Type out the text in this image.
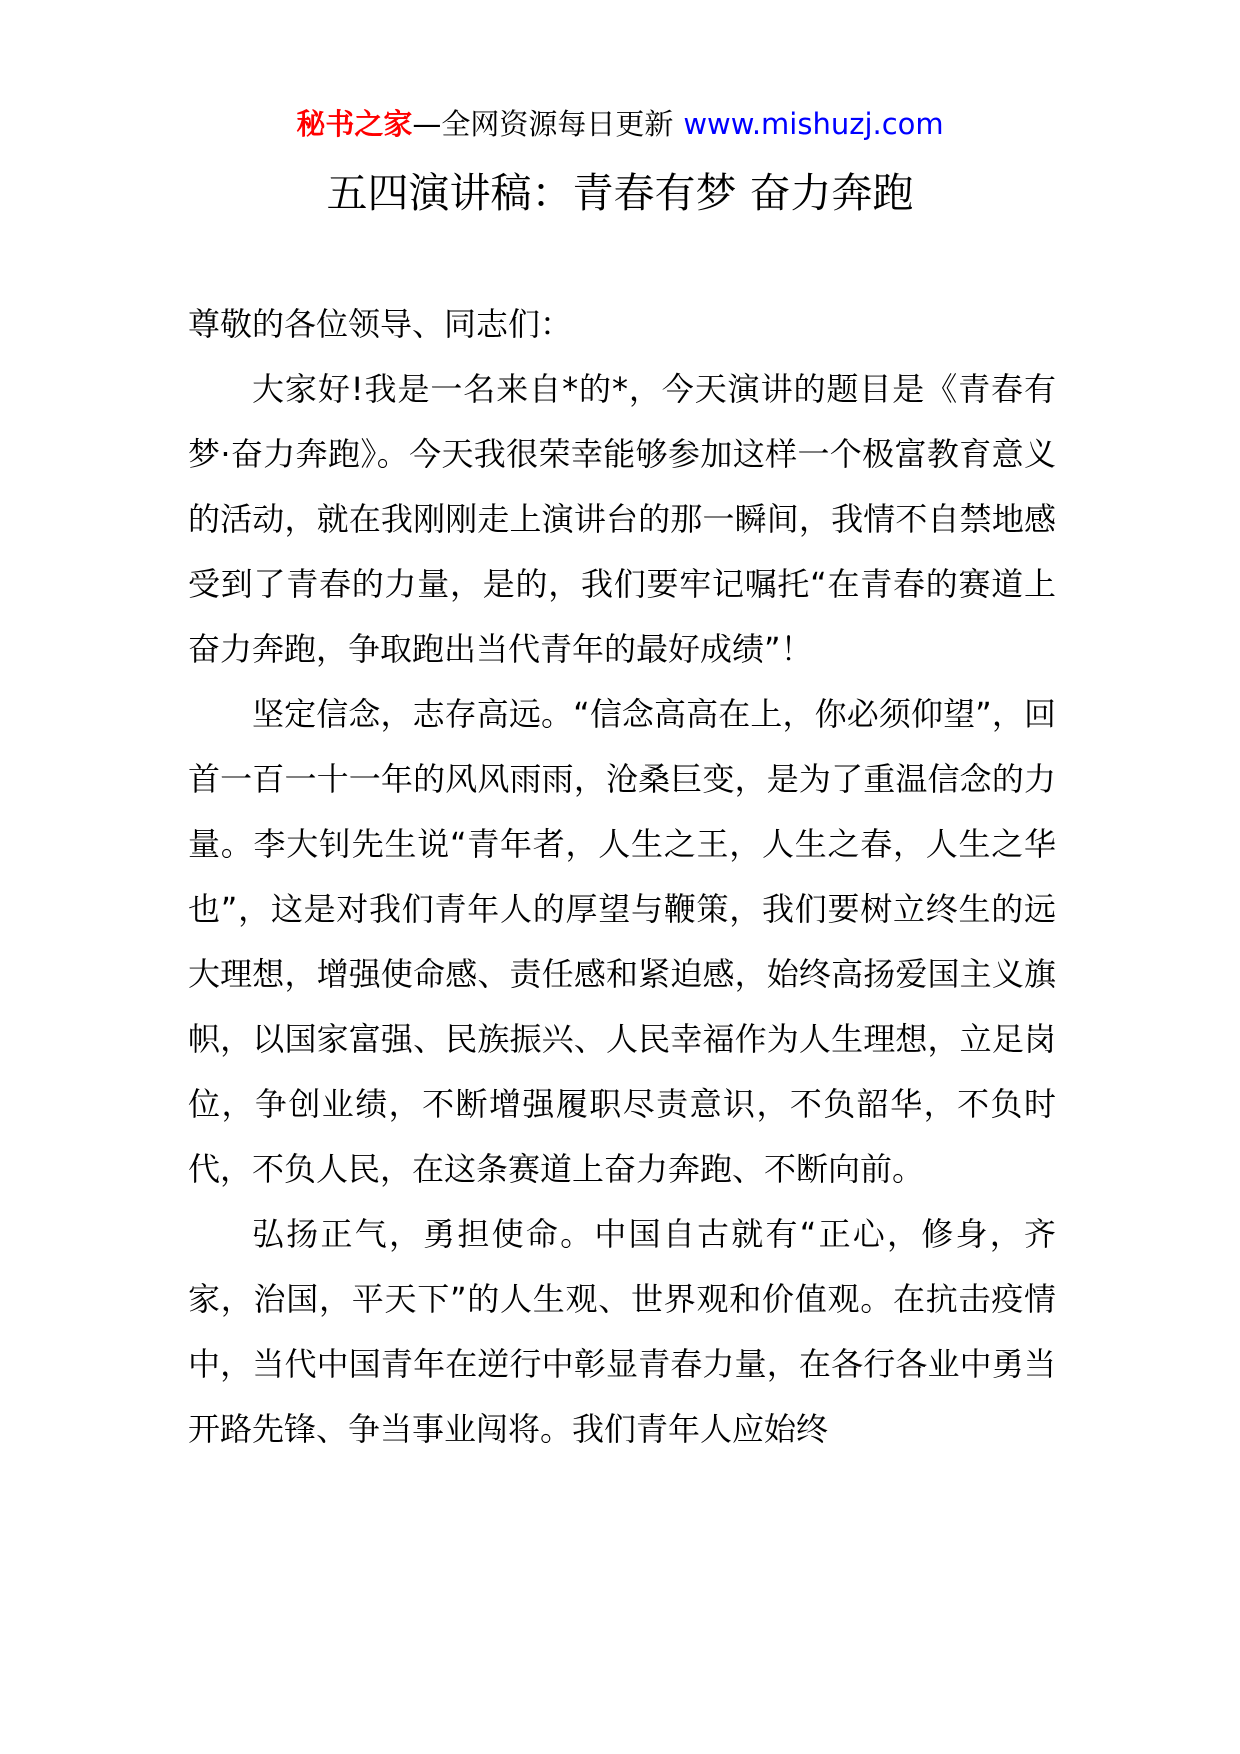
秘书之家—全网资源每日更新 www.mishuzj.com
五四演讲稿：青春有梦 奋力奔跑

尊敬的各位领导、同志们：

大家好!我是一名来自*的*，今天演讲的题目是《青春有梦·奋力奔跑》。今天我很荣幸能够参加这样一个极富教育意义的活动，就在我刚刚走上演讲台的那一瞬间，我情不自禁地感受到了青春的力量，是的，我们要牢记嘱托“在青春的赛道上奋力奔跑，争取跑出当代青年的最好成绩”！

坚定信念，志存高远。“信念高高在上，你必须仰望”，回首一百一十一年的风风雨雨，沧桑巨变，是为了重温信念的力量。李大钊先生说“青年者，人生之王，人生之春，人生之华也”，这是对我们青年人的厚望与鞭策，我们要树立终生的远大理想，增强使命感、责任感和紧迫感，始终高扬爱国主义旗帜，以国家富强、民族振兴、人民幸福作为人生理想，立足岗位，争创业绩，不断增强履职尽责意识，不负韶华，不负时代，不负人民，在这条赛道上奋力奔跑、不断向前。

弘扬正气，勇担使命。中国自古就有“正心，修身，齐家，治国，平天下”的人生观、世界观和价值观。在抗击疫情中，当代中国青年在逆行中彰显青春力量，在各行各业中勇当开路先锋、争当事业闯将。我们青年人应始终
